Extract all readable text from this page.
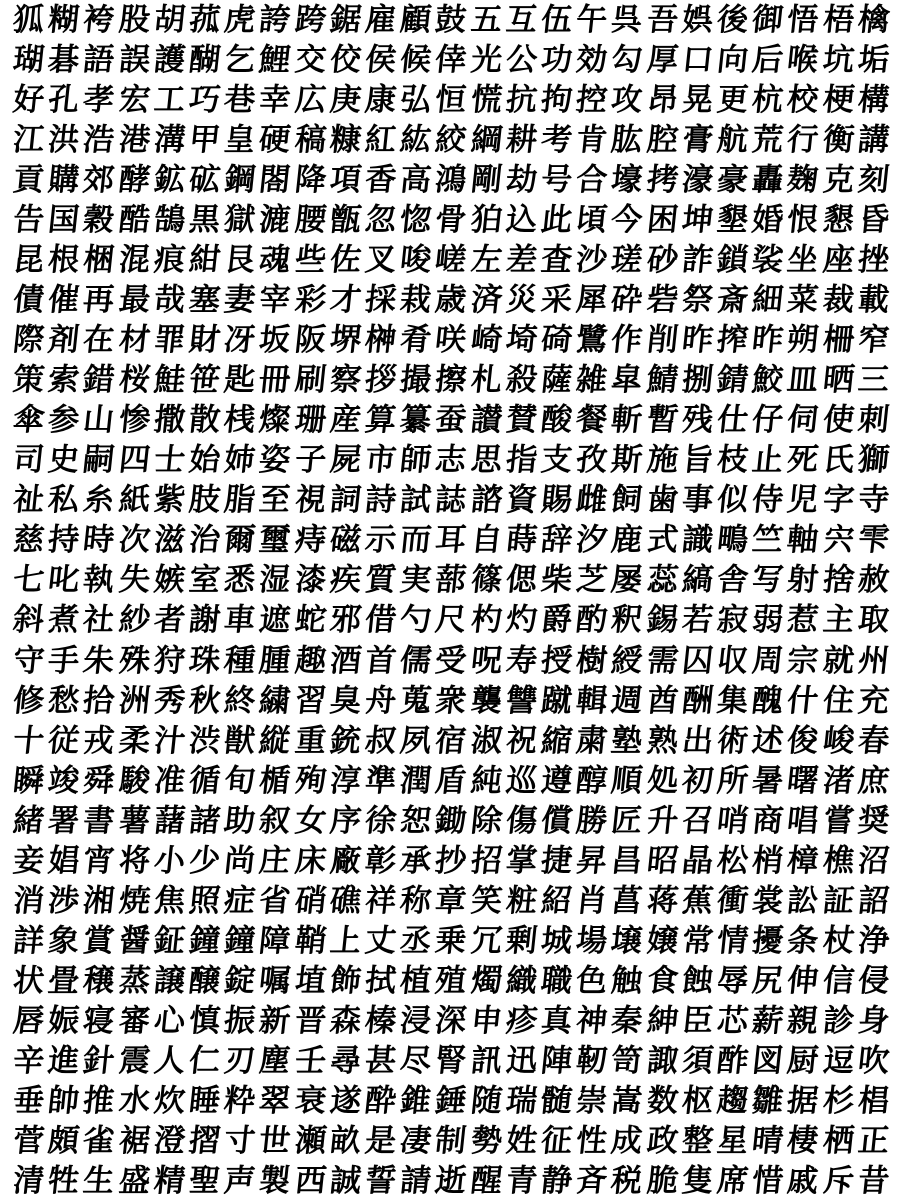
狐 糊 袴 股 胡 菰 虎 誇 跨 鋸 雇 顧 鼓 五 互 伍 午 呉 吾 娯 後 御 悟 梧 檎
瑚 碁 語 誤 護 醐 乞 鯉 交 佼 侯 候 倖 光 公 功 効 勾 厚 口 向 后 喉 坑 垢
好 孔 孝 宏 工 巧 巷 幸 広 庚 康 弘 恒 慌 抗 拘 控 攻 昂 晃 更 杭 校 梗 構
江 洪 浩 港 溝 甲 皇 硬 稿 糠 紅 紘 絞 綱 耕 考 肯 肱 腔 膏 航 荒 行 衡 講
貢 購 郊 酵 鉱 砿 鋼 閤 降 項 香 高 鴻 剛 劫 号 合 壕 拷 濠 豪 轟 麹 克 刻
告 国 穀 酷 鵠 黒 獄 漉 腰 甑 忽 惚 骨 狛 込 此 頃 今 困 坤 墾 婚 恨 懇 昏
昆 根 梱 混 痕 紺 艮 魂 些 佐 叉 唆 嵯 左 差 査 沙 瑳 砂 詐 鎖 裟 坐 座 挫
債 催 再 最 哉 塞 妻 宰 彩 才 採 栽 歳 済 災 采 犀 砕 砦 祭 斎 細 菜 裁 載
際 剤 在 材 罪 財 冴 坂 阪 堺 榊 肴 咲 崎 埼 碕 鷺 作 削 昨 搾 昨 朔 柵 窄
策 索 錯 桜 鮭 笹 匙 冊 刷 察 拶 撮 擦 札 殺 薩 雑 皐 鯖 捌 錆 鮫 皿 晒 三
傘 参 山 惨 撒 散 桟 燦 珊 産 算 纂 蚕 讃 賛 酸 餐 斬 暫 残 仕 仔 伺 使 刺
司 史 嗣 四 士 始 姉 姿 子 屍 市 師 志 思 指 支 孜 斯 施 旨 枝 止 死 氏 獅
祉 私 糸 紙 紫 肢 脂 至 視 詞 詩 試 誌 諮 資 賜 雌 飼 歯 事 似 侍 児 字 寺
慈 持 時 次 滋 治 爾 璽 痔 磁 示 而 耳 自 蒔 辞 汐 鹿 式 識 鴫 竺 軸 宍 雫
七 叱 執 失 嫉 室 悉 湿 漆 疾 質 実 蔀 篠 偲 柴 芝 屡 蕊 縞 舎 写 射 捨 赦
斜 煮 社 紗 者 謝 車 遮 蛇 邪 借 勺 尺 杓 灼 爵 酌 釈 錫 若 寂 弱 惹 主 取
守 手 朱 殊 狩 珠 種 腫 趣 酒 首 儒 受 呪 寿 授 樹 綬 需 囚 収 周 宗 就 州
修 愁 拾 洲 秀 秋 終 繍 習 臭 舟 蒐 衆 襲 讐 蹴 輯 週 酋 酬 集 醜 什 住 充
十 従 戎 柔 汁 渋 獣 縦 重 銃 叔 夙 宿 淑 祝 縮 粛 塾 熟 出 術 述 俊 峻 春
瞬 竣 舜 駿 准 循 旬 楯 殉 淳 準 潤 盾 純 巡 遵 醇 順 処 初 所 暑 曙 渚 庶
緒 署 書 薯 藷 諸 助 叙 女 序 徐 恕 鋤 除 傷 償 勝 匠 升 召 哨 商 唱 嘗 奨
妾 娼 宵 将 小 少 尚 庄 床 廠 彰 承 抄 招 掌 捷 昇 昌 昭 晶 松 梢 樟 樵 沼
消 渉 湘 焼 焦 照 症 省 硝 礁 祥 称 章 笑 粧 紹 肖 菖 蒋 蕉 衝 裳 訟 証 詔
詳 象 賞 醤 鉦 鐘 鐘 障 鞘 上 丈 丞 乗 冗 剰 城 場 壌 嬢 常 情 擾 条 杖 浄
状 畳 穣 蒸 譲 醸 錠 嘱 埴 飾 拭 植 殖 燭 織 職 色 触 食 蝕 辱 尻 伸 信 侵
唇 娠 寝 審 心 慎 振 新 晋 森 榛 浸 深 申 疹 真 神 秦 紳 臣 芯 薪 親 診 身
辛 進 針 震 人 仁 刃 塵 壬 尋 甚 尽 腎 訊 迅 陣 靭 笥 諏 須 酢 図 厨 逗 吹
垂 帥 推 水 炊 睡 粋 翠 衰 遂 酔 錐 錘 随 瑞 髄 崇 嵩 数 枢 趨 雛 据 杉 椙
菅 頗 雀 裾 澄 摺 寸 世 瀬 畝 是 凄 制 勢 姓 征 性 成 政 整 星 晴 棲 栖 正
清 牲 生 盛 精 聖 声 製 西 誠 誓 請 逝 醒 青 静 斉 税 脆 隻 席 惜 戚 斥 昔
